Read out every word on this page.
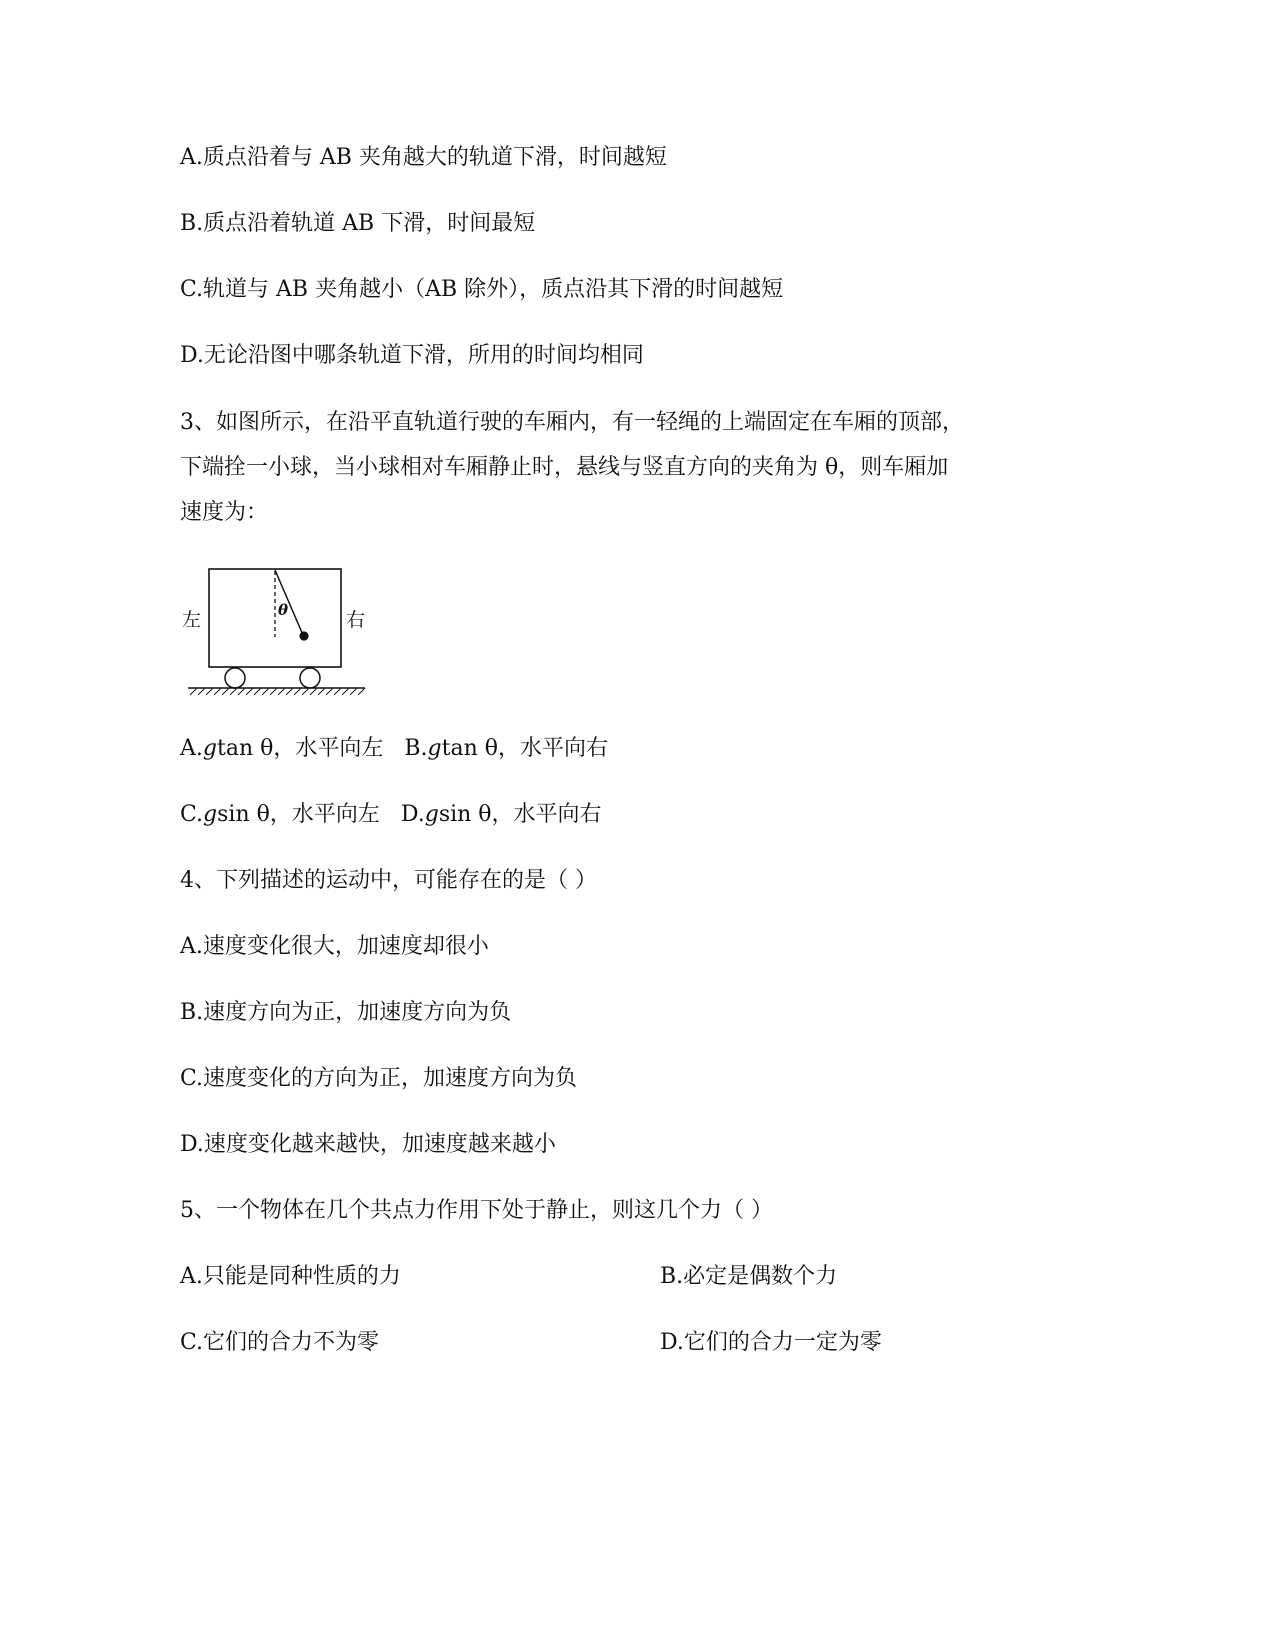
A.质点沿着与 AB 夹角越大的轨道下滑，时间越短
B.质点沿着轨道 AB 下滑，时间最短
C.轨道与 AB 夹角越小（AB 除外），质点沿其下滑的时间越短
D.无论沿图中哪条轨道下滑，所用的时间均相同
3、如图所示，在沿平直轨道行驶的车厢内，有一轻绳的上端固定在车厢的顶部，
下端拴一小球，当小球相对车厢静止时，悬线与竖直方向的夹角为 θ，则车厢加
速度为：
θ
左	右
A.gtan θ，水平向左 B.gtan θ，水平向右
C.gsin θ，水平向左 D.gsin θ，水平向右
4、下列描述的运动中，可能存在的是（ ）
A.速度变化很大，加速度却很小
B.速度方向为正，加速度方向为负
C.速度变化的方向为正，加速度方向为负
D.速度变化越来越快，加速度越来越小
5、一个物体在几个共点力作用下处于静止，则这几个力（ ）
A.只能是同种性质的力	B.必定是偶数个力
C.它们的合力不为零	D.它们的合力一定为零
